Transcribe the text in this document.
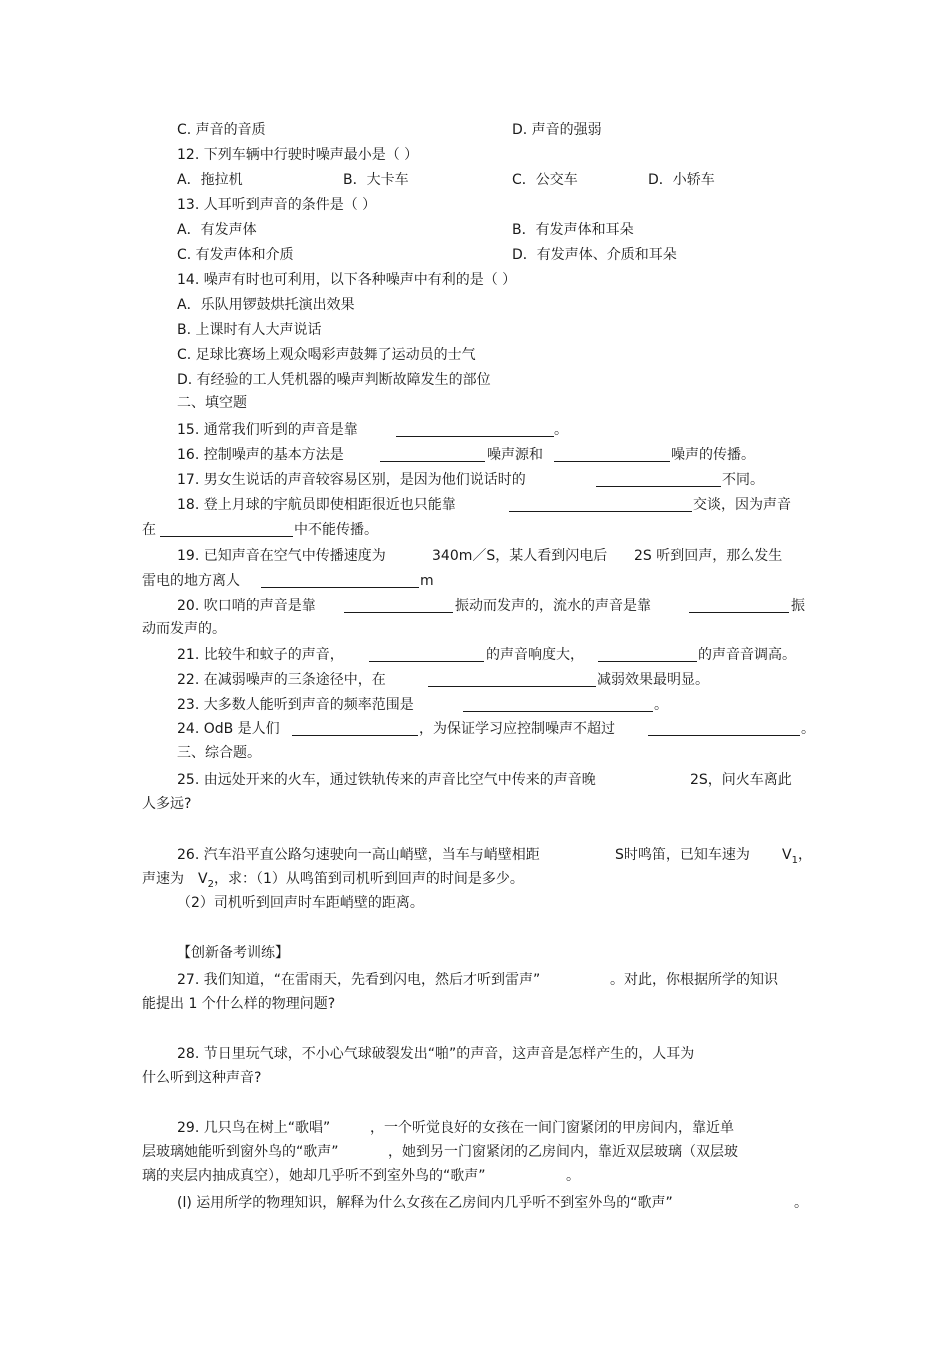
C. 声音的音质	D. 声音的强弱
12. 下列车辆中行驶时噪声最小是（ ）
A．拖拉机	B．大卡车	C．公交车	D．小轿车
13. 人耳听到声音的条件是（ ）
A．有发声体	B．有发声体和耳朵
C. 有发声体和介质	D．有发声体、介质和耳朵
14. 噪声有时也可利用，以下各种噪声中有利的是（ ）
A．乐队用锣鼓烘托演出效果
B. 上课时有人大声说话
C. 足球比赛场上观众喝彩声鼓舞了运动员的士气
D. 有经验的工人凭机器的噪声判断故障发生的部位
二、填空题
15. 通常我们听到的声音是靠	。
16. 控制噪声的基本方法是	噪声源和	噪声的传播。
17. 男女生说话的声音较容易区别，是因为他们说话时的	不同。
18. 登上月球的宇航员即使相距很近也只能靠	交谈，因为声音
在	中不能传播。
19. 已知声音在空气中传播速度为	340m／S，某人看到闪电后 2S 听到回声，那么发生
雷电的地方离人	m
20. 吹口哨的声音是靠	振动而发声的，流水的声音是靠	振
动而发声的。
21. 比较牛和蚊子的声音，	的声音响度大，	的声音音调高。
22. 在减弱噪声的三条途径中，在	减弱效果最明显。
23. 大多数人能听到声音的频率范围是	。
24. OdB 是人们	，为保证学习应控制噪声不超过	。
三、综合题。
25. 由远处开来的火车，通过铁轨传来的声音比空气中传来的声音晚	2S，问火车离此
人多远?
26. 汽车沿平直公路匀速驶向一高山峭壁，当车与峭壁相距	S时鸣笛，已知车速为 $V_1$，
声速为 $V_2$，求：（1）从鸣笛到司机听到回声的时间是多少。
（2）司机听到回声时车距峭壁的距离。
【创新备考训练】
27. 我们知道，“在雷雨天，先看到闪电，然后才听到雷声”	。对此，你根据所学的知识
能提出 1 个什么样的物理问题?
28. 节日里玩气球，不小心气球破裂发出“啪”的声音，这声音是怎样产生的，人耳为
什么听到这种声音?
29. 几只鸟在树上“歌唱”	，一个听觉良好的女孩在一间门窗紧闭的甲房间内，靠近单
层玻璃她能听到窗外鸟的“歌声”	，她到另一门窗紧闭的乙房间内，靠近双层玻璃（双层玻
璃的夹层内抽成真空），她却几乎听不到室外鸟的“歌声”	。
(l) 运用所学的物理知识，解释为什么女孩在乙房间内几乎听不到室外鸟的“歌声”	。
